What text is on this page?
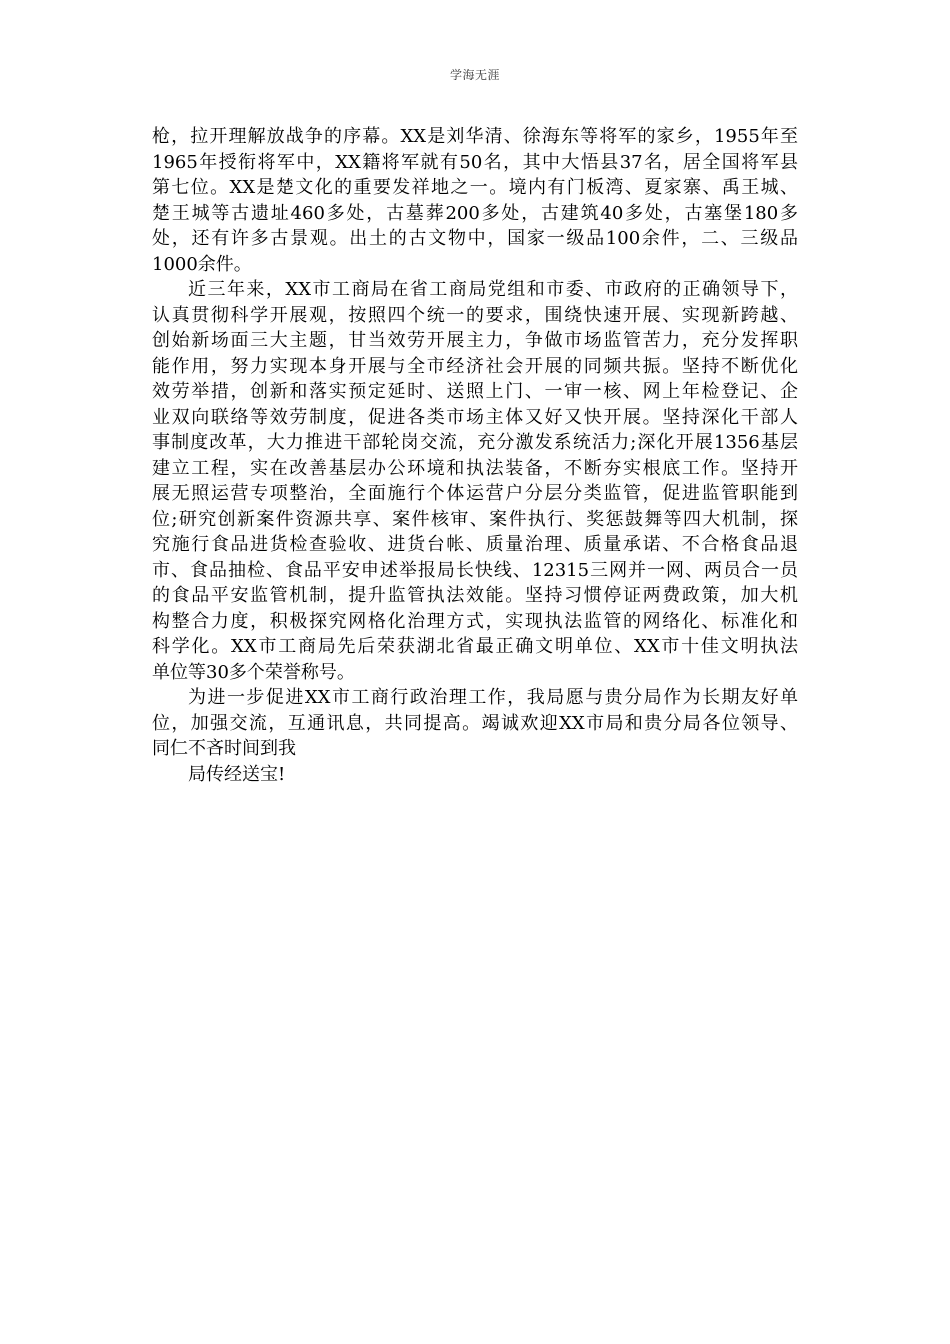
学海无涯
枪，拉开理解放战争的序幕。XX是刘华清、徐海东等将军的家乡，1955年至
1965年授衔将军中，XX籍将军就有50名，其中大悟县37名，居全国将军县
第七位。XX是楚文化的重要发祥地之一。境内有门板湾、夏家寨、禹王城、
楚王城等古遗址460多处，古墓葬200多处，古建筑40多处，古塞堡180多
处，还有许多古景观。出土的古文物中，国家一级品100余件，二、三级品
1000余件。
近三年来，XX市工商局在省工商局党组和市委、市政府的正确领导下，
认真贯彻科学开展观，按照四个统一的要求，围绕快速开展、实现新跨越、
创始新场面三大主题，甘当效劳开展主力，争做市场监管苦力，充分发挥职
能作用，努力实现本身开展与全市经济社会开展的同频共振。坚持不断优化
效劳举措，创新和落实预定延时、送照上门、一审一核、网上年检登记、企
业双向联络等效劳制度，促进各类市场主体又好又快开展。坚持深化干部人
事制度改革，大力推进干部轮岗交流，充分激发系统活力;深化开展1356基层
建立工程，实在改善基层办公环境和执法装备，不断夯实根底工作。坚持开
展无照运营专项整治，全面施行个体运营户分层分类监管，促进监管职能到
位;研究创新案件资源共享、案件核审、案件执行、奖惩鼓舞等四大机制，探
究施行食品进货检查验收、进货台帐、质量治理、质量承诺、不合格食品退
市、食品抽检、食品平安申述举报局长快线、12315三网并一网、两员合一员
的食品平安监管机制，提升监管执法效能。坚持习惯停证两费政策，加大机
构整合力度，积极探究网格化治理方式，实现执法监管的网络化、标准化和
科学化。XX市工商局先后荣获湖北省最正确文明单位、XX市十佳文明执法
单位等30多个荣誉称号。
为进一步促进XX市工商行政治理工作，我局愿与贵分局作为长期友好单
位，加强交流，互通讯息，共同提高。竭诚欢迎XX市局和贵分局各位领导、
同仁不吝时间到我
局传经送宝!
